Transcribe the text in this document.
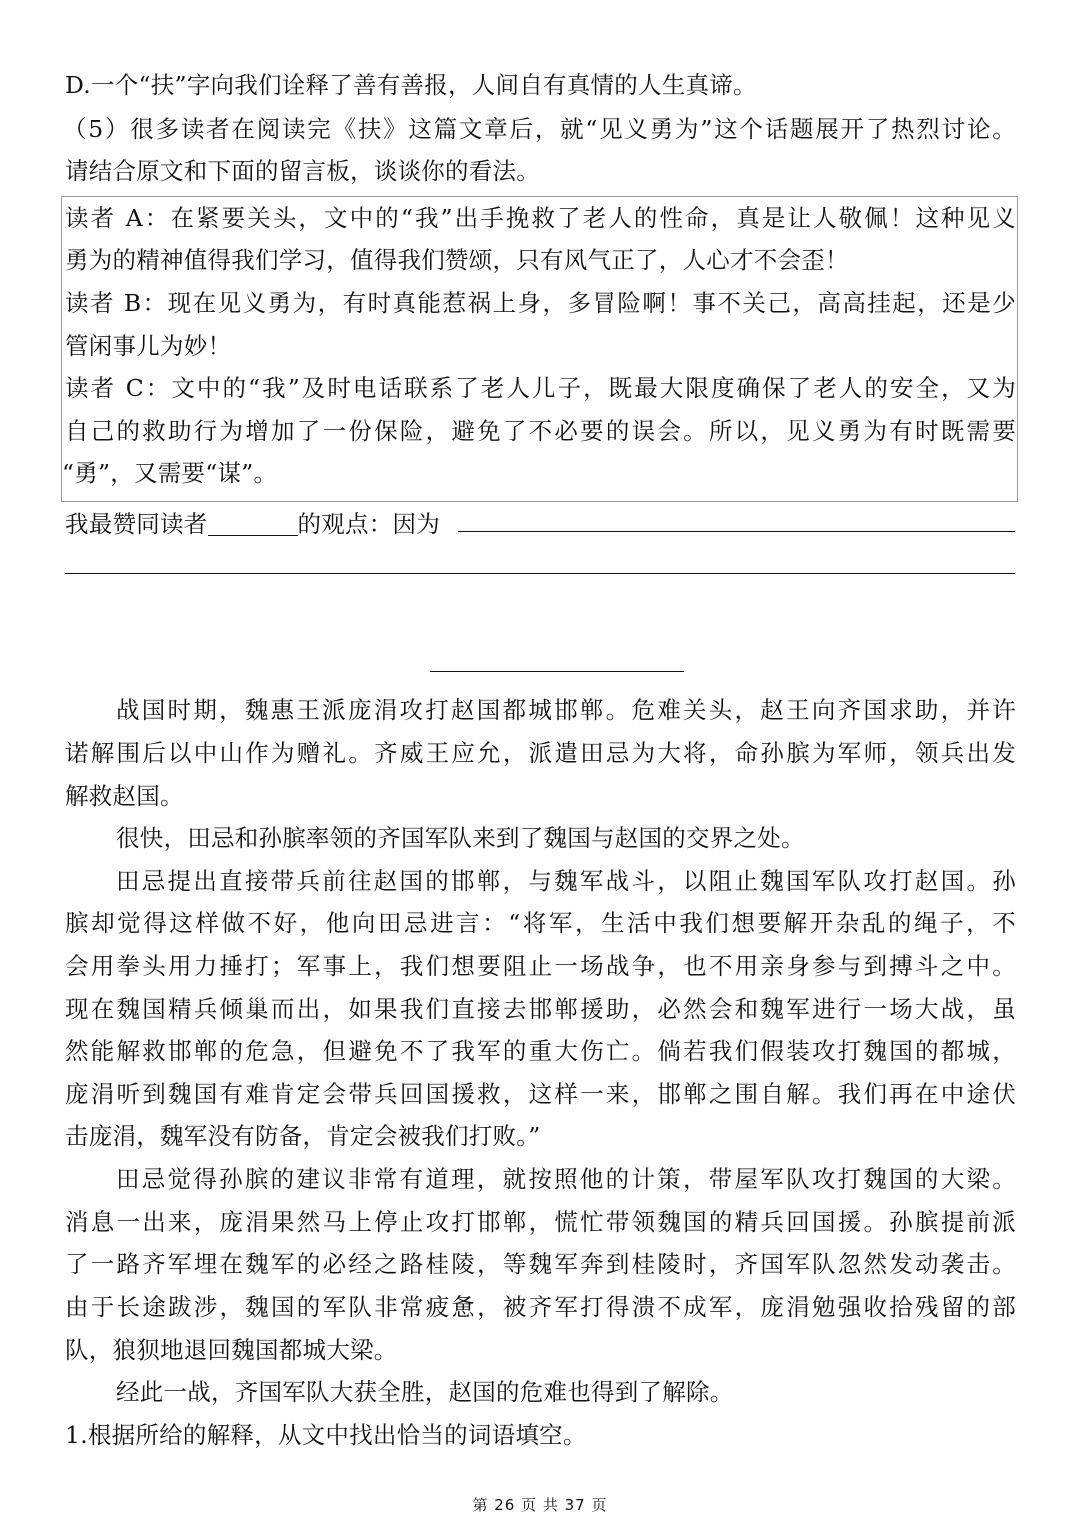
D.一个“扶”字向我们诠释了善有善报，人间自有真情的人生真谛。
（5）很多读者在阅读完《扶》这篇文章后，就“见义勇为”这个话题展开了热烈讨论。
请结合原文和下面的留言板，谈谈你的看法。
读者 A：在紧要关头，文中的“我”出手挽救了老人的性命，真是让人敬佩！这种见义
勇为的精神值得我们学习，值得我们赞颂，只有风气正了，人心才不会歪！
读者 B：现在见义勇为，有时真能惹祸上身，多冒险啊！事不关己，高高挂起，还是少
管闲事儿为妙！
读者 C：文中的“我”及时电话联系了老人儿子，既最大限度确保了老人的安全，又为
自己的救助行为增加了一份保险，避免了不必要的误会。所以，见义勇为有时既需要
“勇”，又需要“谋”。
我最赞同读者	的观点：因为
战国时期，魏惠王派庞涓攻打赵国都城邯郸。危难关头，赵王向齐国求助，并许
诺解围后以中山作为赠礼。齐威王应允，派遣田忌为大将，命孙膑为军师，领兵出发
解救赵国。
很快，田忌和孙膑率领的齐国军队来到了魏国与赵国的交界之处。
田忌提出直接带兵前往赵国的邯郸，与魏军战斗，以阻止魏国军队攻打赵国。孙
膑却觉得这样做不好，他向田忌进言：“将军，生活中我们想要解开杂乱的绳子，不
会用拳头用力捶打；军事上，我们想要阻止一场战争，也不用亲身参与到搏斗之中。
现在魏国精兵倾巢而出，如果我们直接去邯郸援助，必然会和魏军进行一场大战，虽
然能解救邯郸的危急，但避免不了我军的重大伤亡。倘若我们假装攻打魏国的都城，
庞涓听到魏国有难肯定会带兵回国援救，这样一来，邯郸之围自解。我们再在中途伏
击庞涓，魏军没有防备，肯定会被我们打败。”
田忌觉得孙膑的建议非常有道理，就按照他的计策，带屋军队攻打魏国的大梁。
消息一出来，庞涓果然马上停止攻打邯郸，慌忙带领魏国的精兵回国援。孙膑提前派
了一路齐军埋在魏军的必经之路桂陵，等魏军奔到桂陵时，齐国军队忽然发动袭击。
由于长途跋涉，魏国的军队非常疲惫，被齐军打得溃不成军，庞涓勉强收拾残留的部
队，狼狈地退回魏国都城大梁。
经此一战，齐国军队大获全胜，赵国的危难也得到了解除。
1.根据所给的解释，从文中找出恰当的词语填空。
第 26 页 共 37 页
